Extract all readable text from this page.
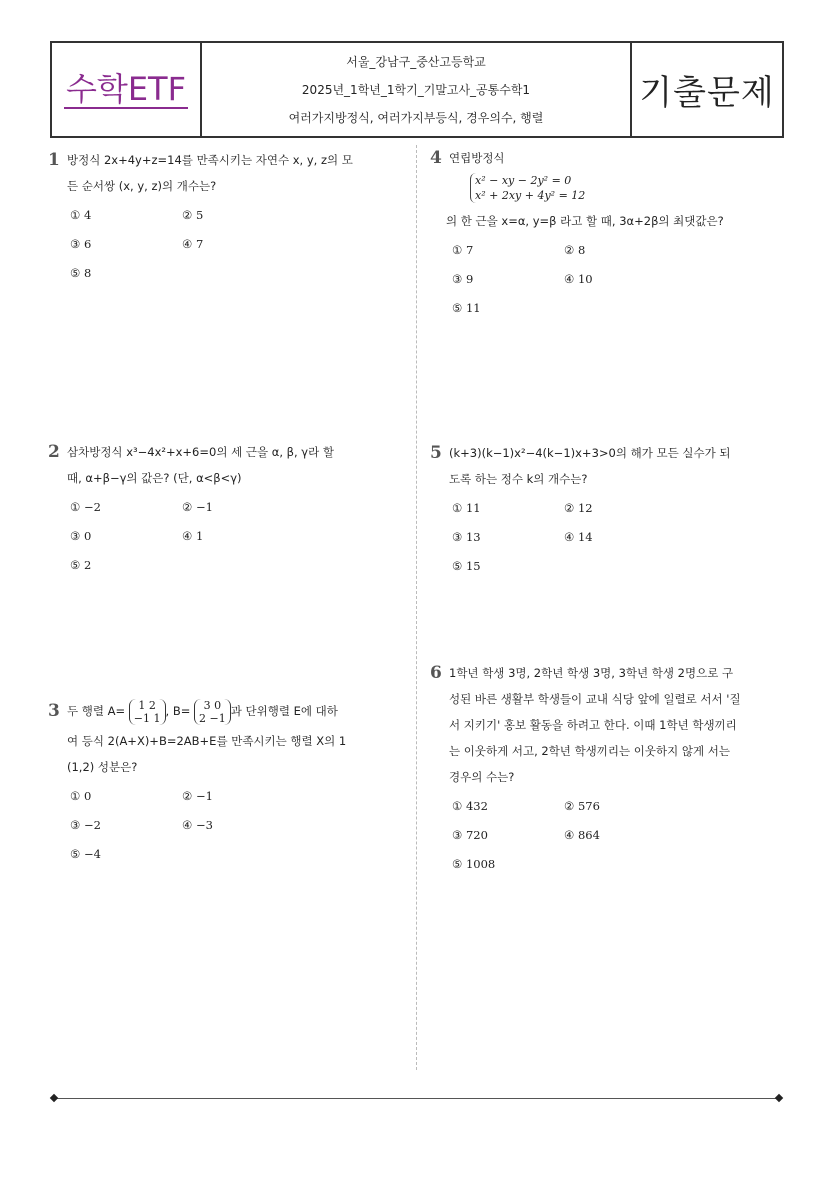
수학ETF
서울_강남구_중산고등학교
2025년_1학년_1학기_기말고사_공통수학1
여러가지방정식, 여러가지부등식, 경우의수, 행렬
기출문제
1 방정식 2x+4y+z=14를 만족시키는 자연수 x, y, z의 모
든 순서쌍 (x, y, z)의 개수는?
① 4	② 5
③ 6	④ 7
⑤ 8
2 삼차방정식 x³−4x²+x+6=0의 세 근을 α, β, γ라 할
때, α+β−γ의 값은? (단, α<β<γ)
① −2	② −1
③ 0	④ 1
⑤ 2
3 두 행렬 A=	1 2
−1 1 , B=	3 0
2 −1 과 단위행렬 E에 대하
여 등식 2(A+X)+B=2AB+E를 만족시키는 행렬 X의 1
(1,2) 성분은?
① 0	② −1
③ −2	④ −3
⑤ −4
4 연립방정식
x² − xy − 2y² = 0
x² + 2xy + 4y² = 12
의 한 근을 x=α, y=β 라고 할 때, 3α+2β의 최댓값은?
① 7	② 8
③ 9	④ 10
⑤ 11
5 (k+3)(k−1)x²−4(k−1)x+3>0의 해가 모든 실수가 되
도록 하는 정수 k의 개수는?
① 11	② 12
③ 13	④ 14
⑤ 15
6 1학년 학생 3명, 2학년 학생 3명, 3학년 학생 2명으로 구
성된 바른 생활부 학생들이 교내 식당 앞에 일렬로 서서 '질
서 지키기' 홍보 활동을 하려고 한다. 이때 1학년 학생끼리
는 이웃하게 서고, 2학년 학생끼리는 이웃하지 않게 서는
경우의 수는?
① 432	② 576
③ 720	④ 864
⑤ 1008
